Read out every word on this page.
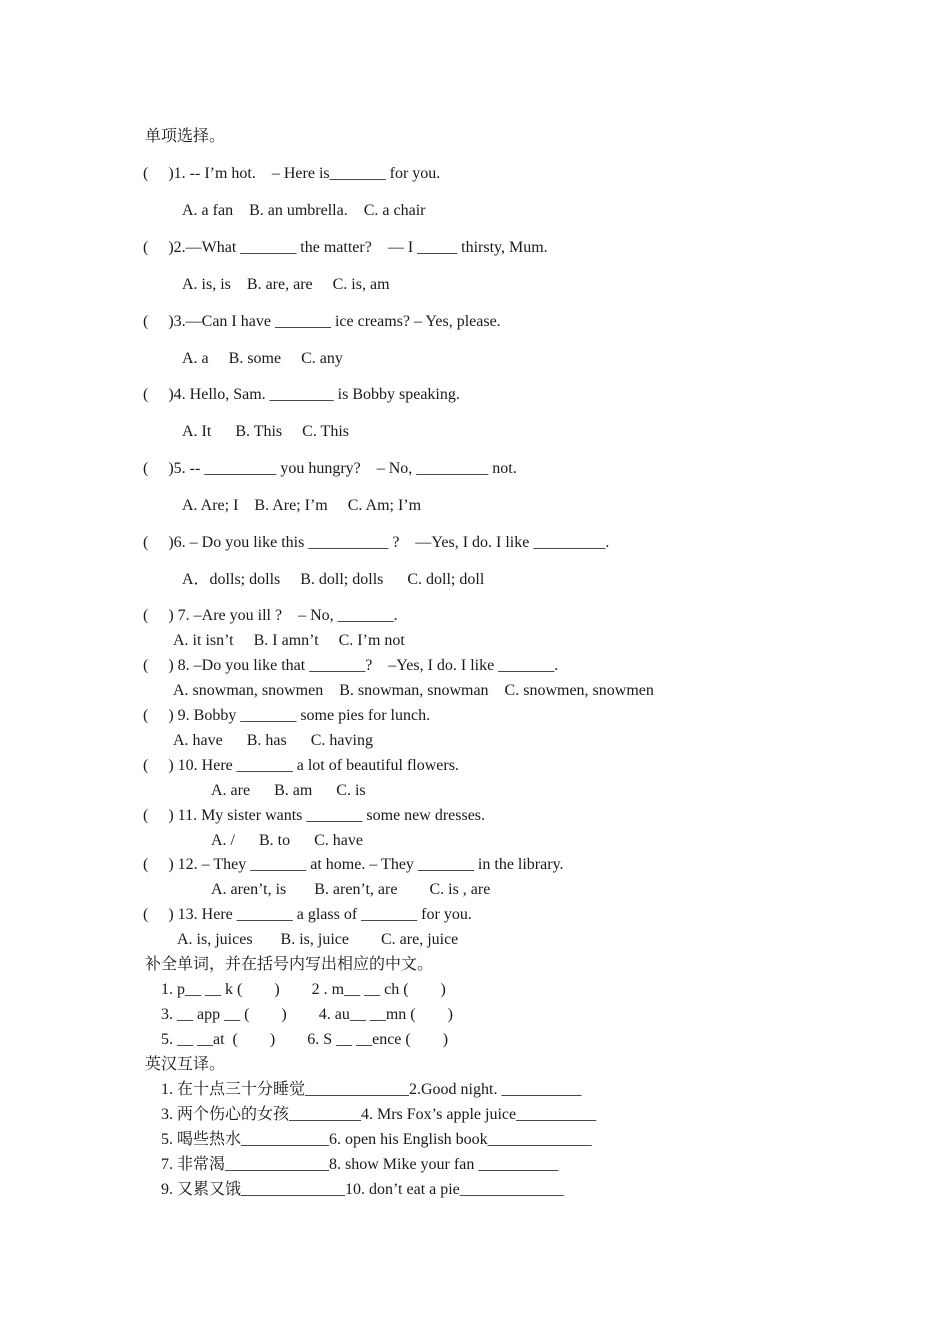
单项选择。
(     )1. -- I’m hot.    – Here is_______ for you.
A. a fan    B. an umbrella.    C. a chair
(     )2.—What _______ the matter?    — I _____ thirsty, Mum.
A. is, is    B. are, are     C. is, am
(     )3.—Can I have _______ ice creams? – Yes, please.
A. a     B. some     C. any
(     )4. Hello, Sam. ________ is Bobby speaking.
A. It      B. This     C. This
(     )5. -- _________ you hungry?    – No, _________ not.
A. Are; I    B. Are; I’m     C. Am; I’m
(     )6. – Do you like this __________ ?    —Yes, I do. I like _________.
A．dolls; dolls     B. doll; dolls      C. doll; doll
(     ) 7. –Are you ill ?    – No, _______.
A. it isn’t     B. I amn’t     C. I’m not
(     ) 8. –Do you like that _______?    –Yes, I do. I like _______.
A. snowman, snowmen    B. snowman, snowman    C. snowmen, snowmen
(     ) 9. Bobby _______ some pies for lunch.
A. have      B. has      C. having
(     ) 10. Here _______ a lot of beautiful flowers.
A. are      B. am      C. is
(     ) 11. My sister wants _______ some new dresses.
A. /      B. to      C. have
(     ) 12. – They _______ at home. – They _______ in the library.
A. aren’t, is       B. aren’t, are        C. is , are
(     ) 13. Here _______ a glass of _______ for you.
A. is, juices       B. is, juice        C. are, juice
补全单词，并在括号内写出相应的中文。
1. p__ __ k (        )        2 . m__ __ ch (        )
3. __ app __ (        )        4. au__ __mn (        )
5. __ __at  (        )        6. S __ __ence (        )
英汉互译。
1. 在十点三十分睡觉_____________2.Good night. __________
3. 两个伤心的女孩_________4. Mrs Fox’s apple juice__________
5. 喝些热水___________6. open his English book_____________
7. 非常渴_____________8. show Mike your fan __________
9. 又累又饿_____________10. don’t eat a pie_____________
